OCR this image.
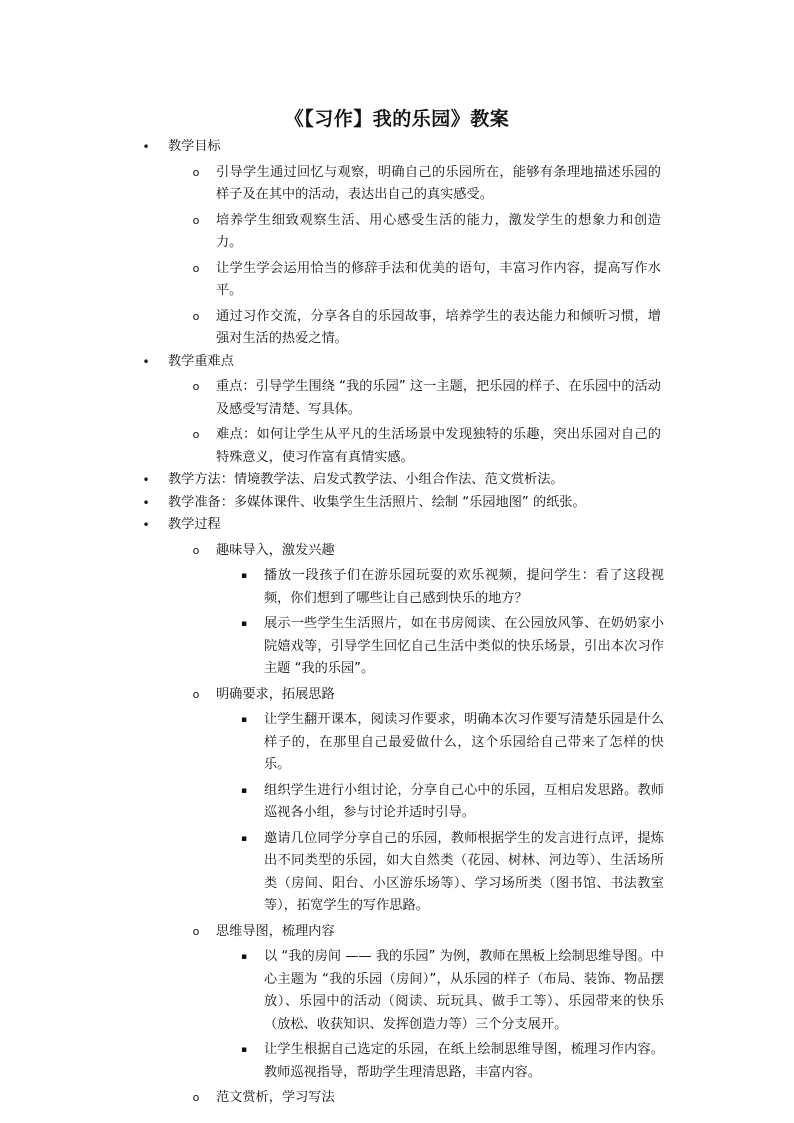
《【习作】我的乐园》教案
• 教学目标
o 引导学生通过回忆与观察，明确自己的乐园所在，能够有条理地描述乐园的样子及在其中的活动，表达出自己的真实感受。
o 培养学生细致观察生活、用心感受生活的能力，激发学生的想象力和创造力。
o 让学生学会运用恰当的修辞手法和优美的语句，丰富习作内容，提高写作水平。
o 通过习作交流，分享各自的乐园故事，培养学生的表达能力和倾听习惯，增强对生活的热爱之情。
• 教学重难点
o 重点：引导学生围绕 “我的乐园” 这一主题，把乐园的样子、在乐园中的活动及感受写清楚、写具体。
o 难点：如何让学生从平凡的生活场景中发现独特的乐趣，突出乐园对自己的特殊意义，使习作富有真情实感。
• 教学方法：情境教学法、启发式教学法、小组合作法、范文赏析法。
• 教学准备：多媒体课件、收集学生生活照片、绘制 “乐园地图” 的纸张。
• 教学过程
o 趣味导入，激发兴趣
▪ 播放一段孩子们在游乐园玩耍的欢乐视频，提问学生：看了这段视频，你们想到了哪些让自己感到快乐的地方？
▪ 展示一些学生生活照片，如在书房阅读、在公园放风筝、在奶奶家小院嬉戏等，引导学生回忆自己生活中类似的快乐场景，引出本次习作主题 “我的乐园”。
o 明确要求，拓展思路
▪ 让学生翻开课本，阅读习作要求，明确本次习作要写清楚乐园是什么样子的，在那里自己最爱做什么，这个乐园给自己带来了怎样的快乐。
▪ 组织学生进行小组讨论，分享自己心中的乐园，互相启发思路。教师巡视各小组，参与讨论并适时引导。
▪ 邀请几位同学分享自己的乐园，教师根据学生的发言进行点评，提炼出不同类型的乐园，如大自然类（花园、树林、河边等）、生活场所类（房间、阳台、小区游乐场等）、学习场所类（图书馆、书法教室等），拓宽学生的写作思路。
o 思维导图，梳理内容
▪ 以 “我的房间 —— 我的乐园” 为例，教师在黑板上绘制思维导图。中心主题为 “我的乐园（房间）”，从乐园的样子（布局、装饰、物品摆放）、乐园中的活动（阅读、玩玩具、做手工等）、乐园带来的快乐（放松、收获知识、发挥创造力等）三个分支展开。
▪ 让学生根据自己选定的乐园，在纸上绘制思维导图，梳理习作内容。教师巡视指导，帮助学生理清思路，丰富内容。
o 范文赏析，学习写法
